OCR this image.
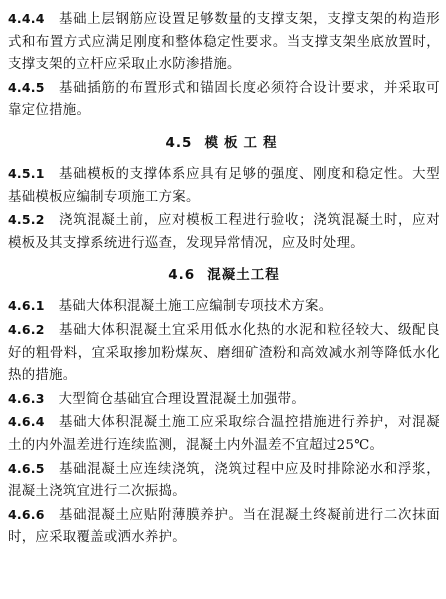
4.4.4 基础上层钢筋应设置足够数量的支撑支架，支撑支架的构造形式和布置方式应满足刚度和整体稳定性要求。当支撑支架坐底放置时，支撑支架的立杆应采取止水防渗措施。

4.4.5 基础插筋的布置形式和锚固长度必须符合设计要求，并采取可靠定位措施。

4.5 模板工程

4.5.1 基础模板的支撑体系应具有足够的强度、刚度和稳定性。大型基础模板应编制专项施工方案。

4.5.2 浇筑混凝土前，应对模板工程进行验收；浇筑混凝土时，应对模板及其支撑系统进行巡查，发现异常情况，应及时处理。

4.6 混凝土工程

4.6.1 基础大体积混凝土施工应编制专项技术方案。

4.6.2 基础大体积混凝土宜采用低水化热的水泥和粒径较大、级配良好的粗骨料，宜采取掺加粉煤灰、磨细矿渣粉和高效减水剂等降低水化热的措施。

4.6.3 大型简仓基础宜合理设置混凝土加强带。

4.6.4 基础大体积混凝土施工应采取综合温控措施进行养护，对混凝土的内外温差进行连续监测，混凝土内外温差不宜超过25℃。

4.6.5 基础混凝土应连续浇筑，浇筑过程中应及时排除泌水和浮浆，混凝土浇筑宜进行二次振捣。

4.6.6 基础混凝土应贴附薄膜养护。当在混凝土终凝前进行二次抹面时，应采取覆盖或洒水养护。
